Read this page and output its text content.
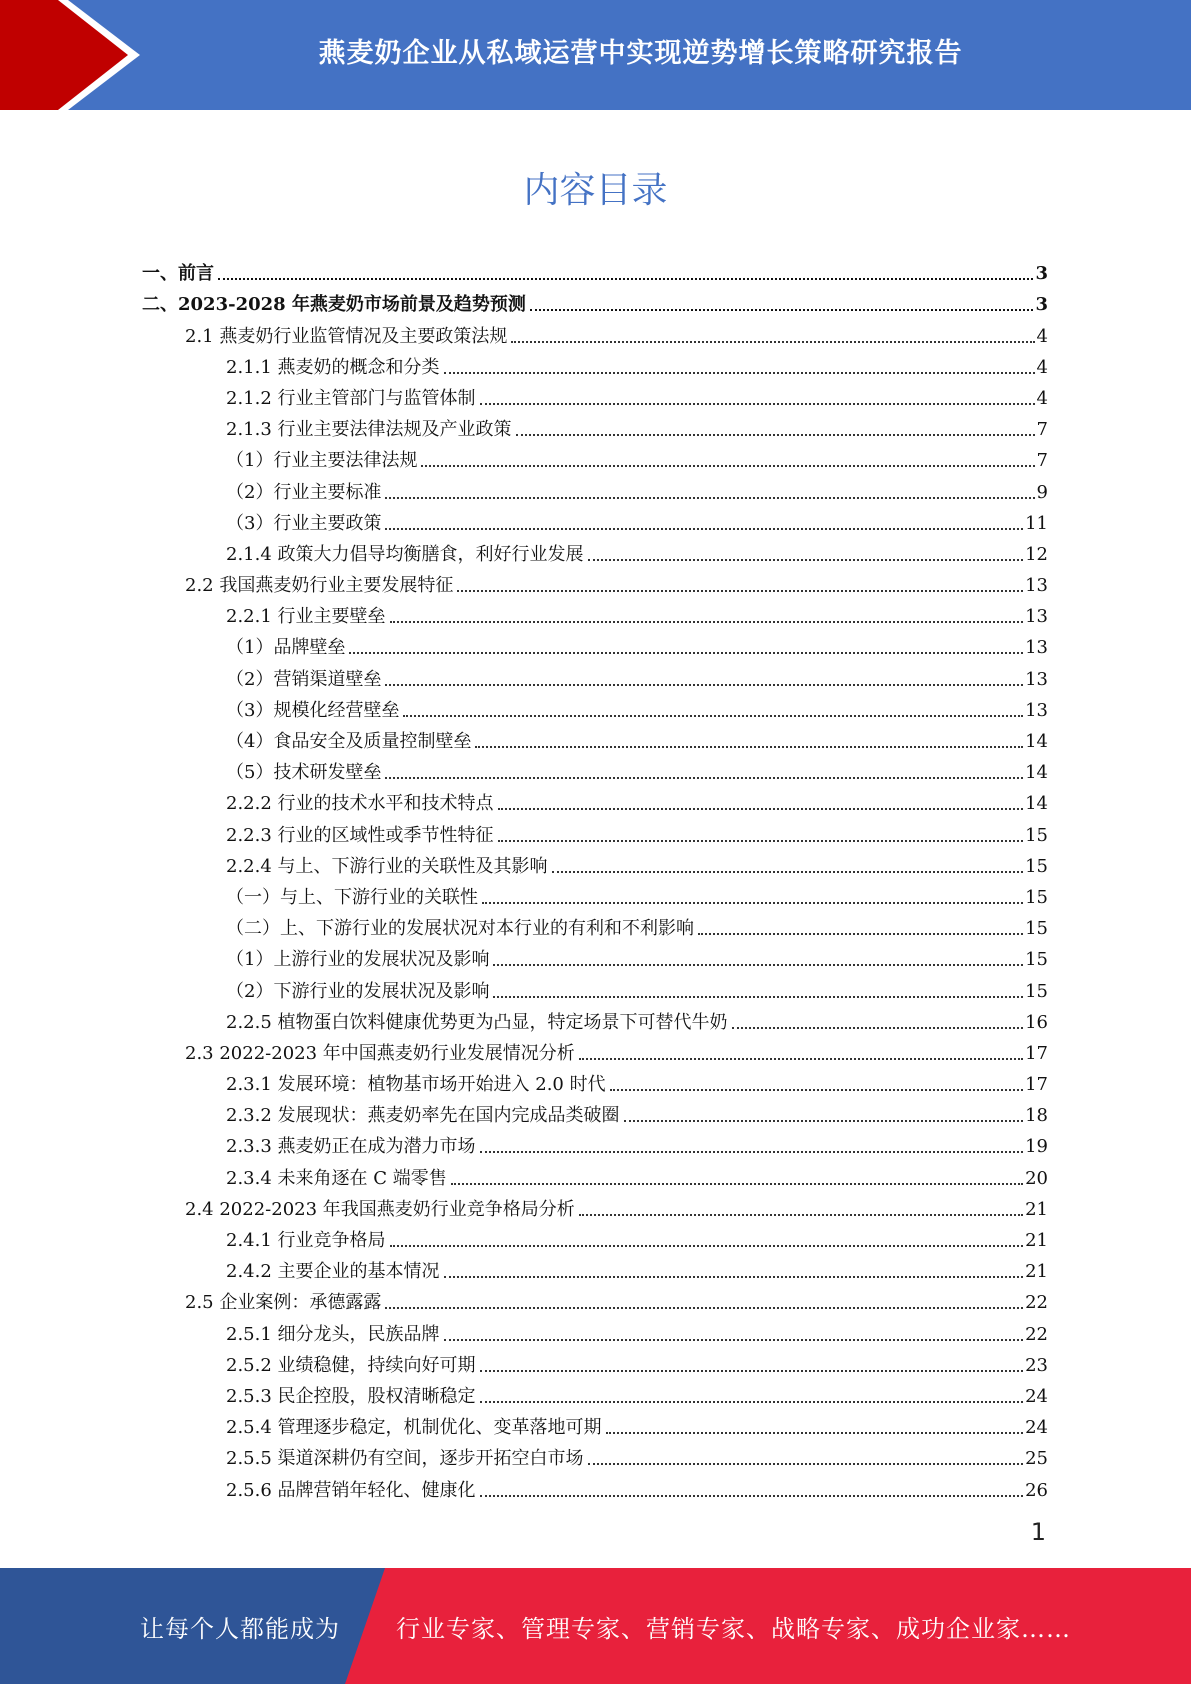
燕麦奶企业从私域运营中实现逆势增长策略研究报告
内容目录
一、前言	3
二、2023-2028 年燕麦奶市场前景及趋势预测	3
2.1 燕麦奶行业监管情况及主要政策法规	4
2.1.1 燕麦奶的概念和分类	4
2.1.2 行业主管部门与监管体制	4
2.1.3 行业主要法律法规及产业政策	7
（1）行业主要法律法规	7
（2）行业主要标准	9
（3）行业主要政策	11
2.1.4 政策大力倡导均衡膳食，利好行业发展	12
2.2 我国燕麦奶行业主要发展特征	13
2.2.1 行业主要壁垒	13
（1）品牌壁垒	13
（2）营销渠道壁垒	13
（3）规模化经营壁垒	13
（4）食品安全及质量控制壁垒	14
（5）技术研发壁垒	14
2.2.2 行业的技术水平和技术特点	14
2.2.3 行业的区域性或季节性特征	15
2.2.4 与上、下游行业的关联性及其影响	15
（一）与上、下游行业的关联性	15
（二）上、下游行业的发展状况对本行业的有利和不利影响	15
（1）上游行业的发展状况及影响	15
（2）下游行业的发展状况及影响	15
2.2.5 植物蛋白饮料健康优势更为凸显，特定场景下可替代牛奶	16
2.3 2022-2023 年中国燕麦奶行业发展情况分析	17
2.3.1 发展环境：植物基市场开始进入 2.0 时代	17
2.3.2 发展现状：燕麦奶率先在国内完成品类破圈	18
2.3.3 燕麦奶正在成为潜力市场	19
2.3.4 未来角逐在 C 端零售	20
2.4 2022-2023 年我国燕麦奶行业竞争格局分析	21
2.4.1 行业竞争格局	21
2.4.2 主要企业的基本情况	21
2.5 企业案例：承德露露	22
2.5.1 细分龙头，民族品牌	22
2.5.2 业绩稳健，持续向好可期	23
2.5.3 民企控股，股权清晰稳定	24
2.5.4 管理逐步稳定，机制优化、变革落地可期	24
2.5.5 渠道深耕仍有空间，逐步开拓空白市场	25
2.5.6 品牌营销年轻化、健康化	26
1
让每个人都能成为 行业专家、管理专家、营销专家、战略专家、成功企业家……
